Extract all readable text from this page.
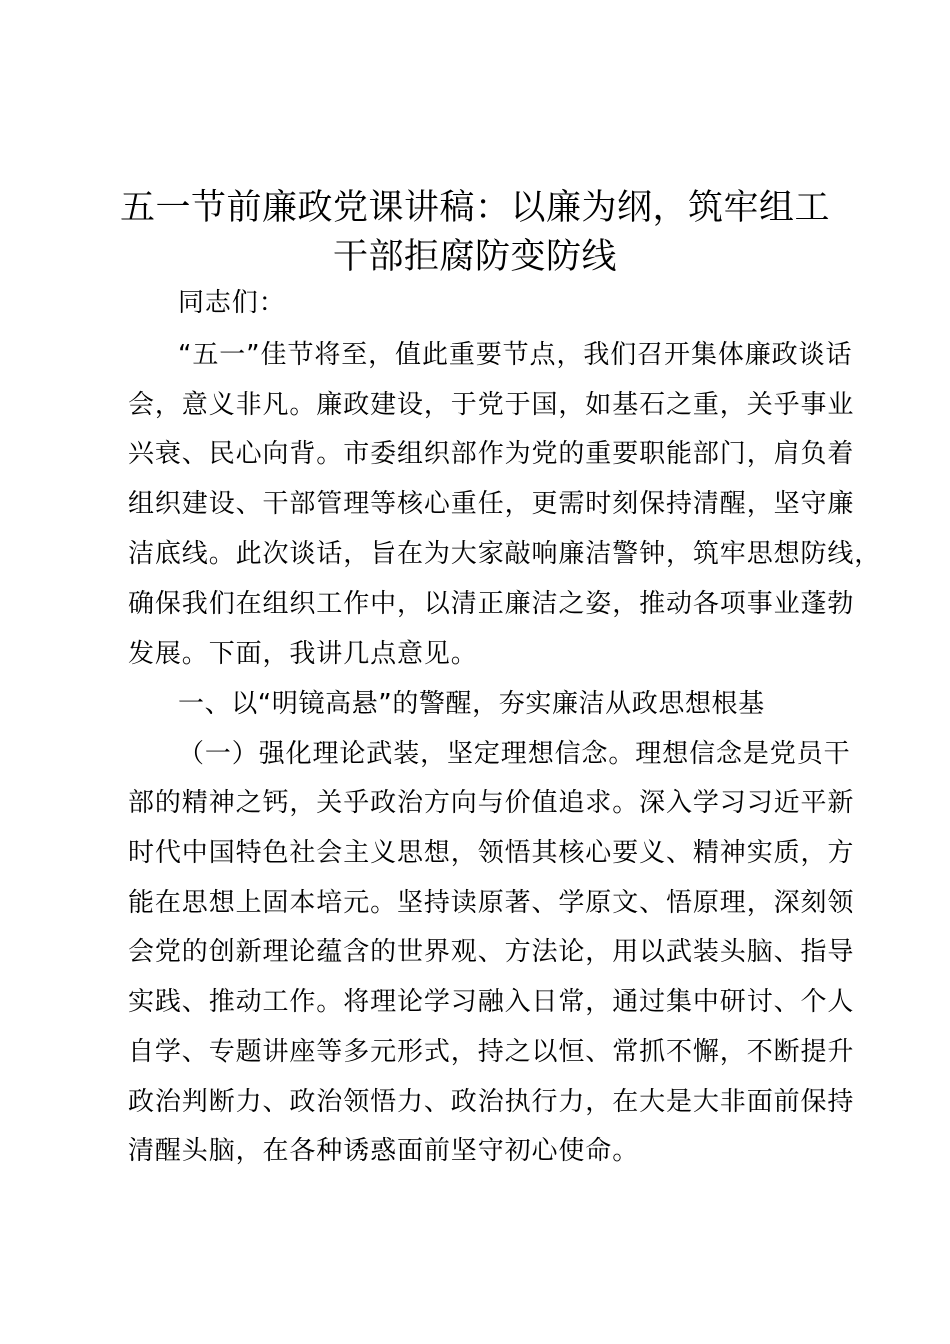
五一节前廉政党课讲稿：以廉为纲，筑牢组工
干部拒腐防变防线
同志们：
“五一”佳节将至，值此重要节点，我们召开集体廉政谈话
会，意义非凡。廉政建设，于党于国，如基石之重，关乎事业
兴衰、民心向背。市委组织部作为党的重要职能部门，肩负着
组织建设、干部管理等核心重任，更需时刻保持清醒，坚守廉
洁底线。此次谈话，旨在为大家敲响廉洁警钟，筑牢思想防线，
确保我们在组织工作中，以清正廉洁之姿，推动各项事业蓬勃
发展。下面，我讲几点意见。
一、以“明镜高悬”的警醒，夯实廉洁从政思想根基
（一）强化理论武装，坚定理想信念。理想信念是党员干
部的精神之钙，关乎政治方向与价值追求。深入学习习近平新
时代中国特色社会主义思想，领悟其核心要义、精神实质，方
能在思想上固本培元。坚持读原著、学原文、悟原理，深刻领
会党的创新理论蕴含的世界观、方法论，用以武装头脑、指导
实践、推动工作。将理论学习融入日常，通过集中研讨、个人
自学、专题讲座等多元形式，持之以恒、常抓不懈，不断提升
政治判断力、政治领悟力、政治执行力，在大是大非面前保持
清醒头脑，在各种诱惑面前坚守初心使命。
